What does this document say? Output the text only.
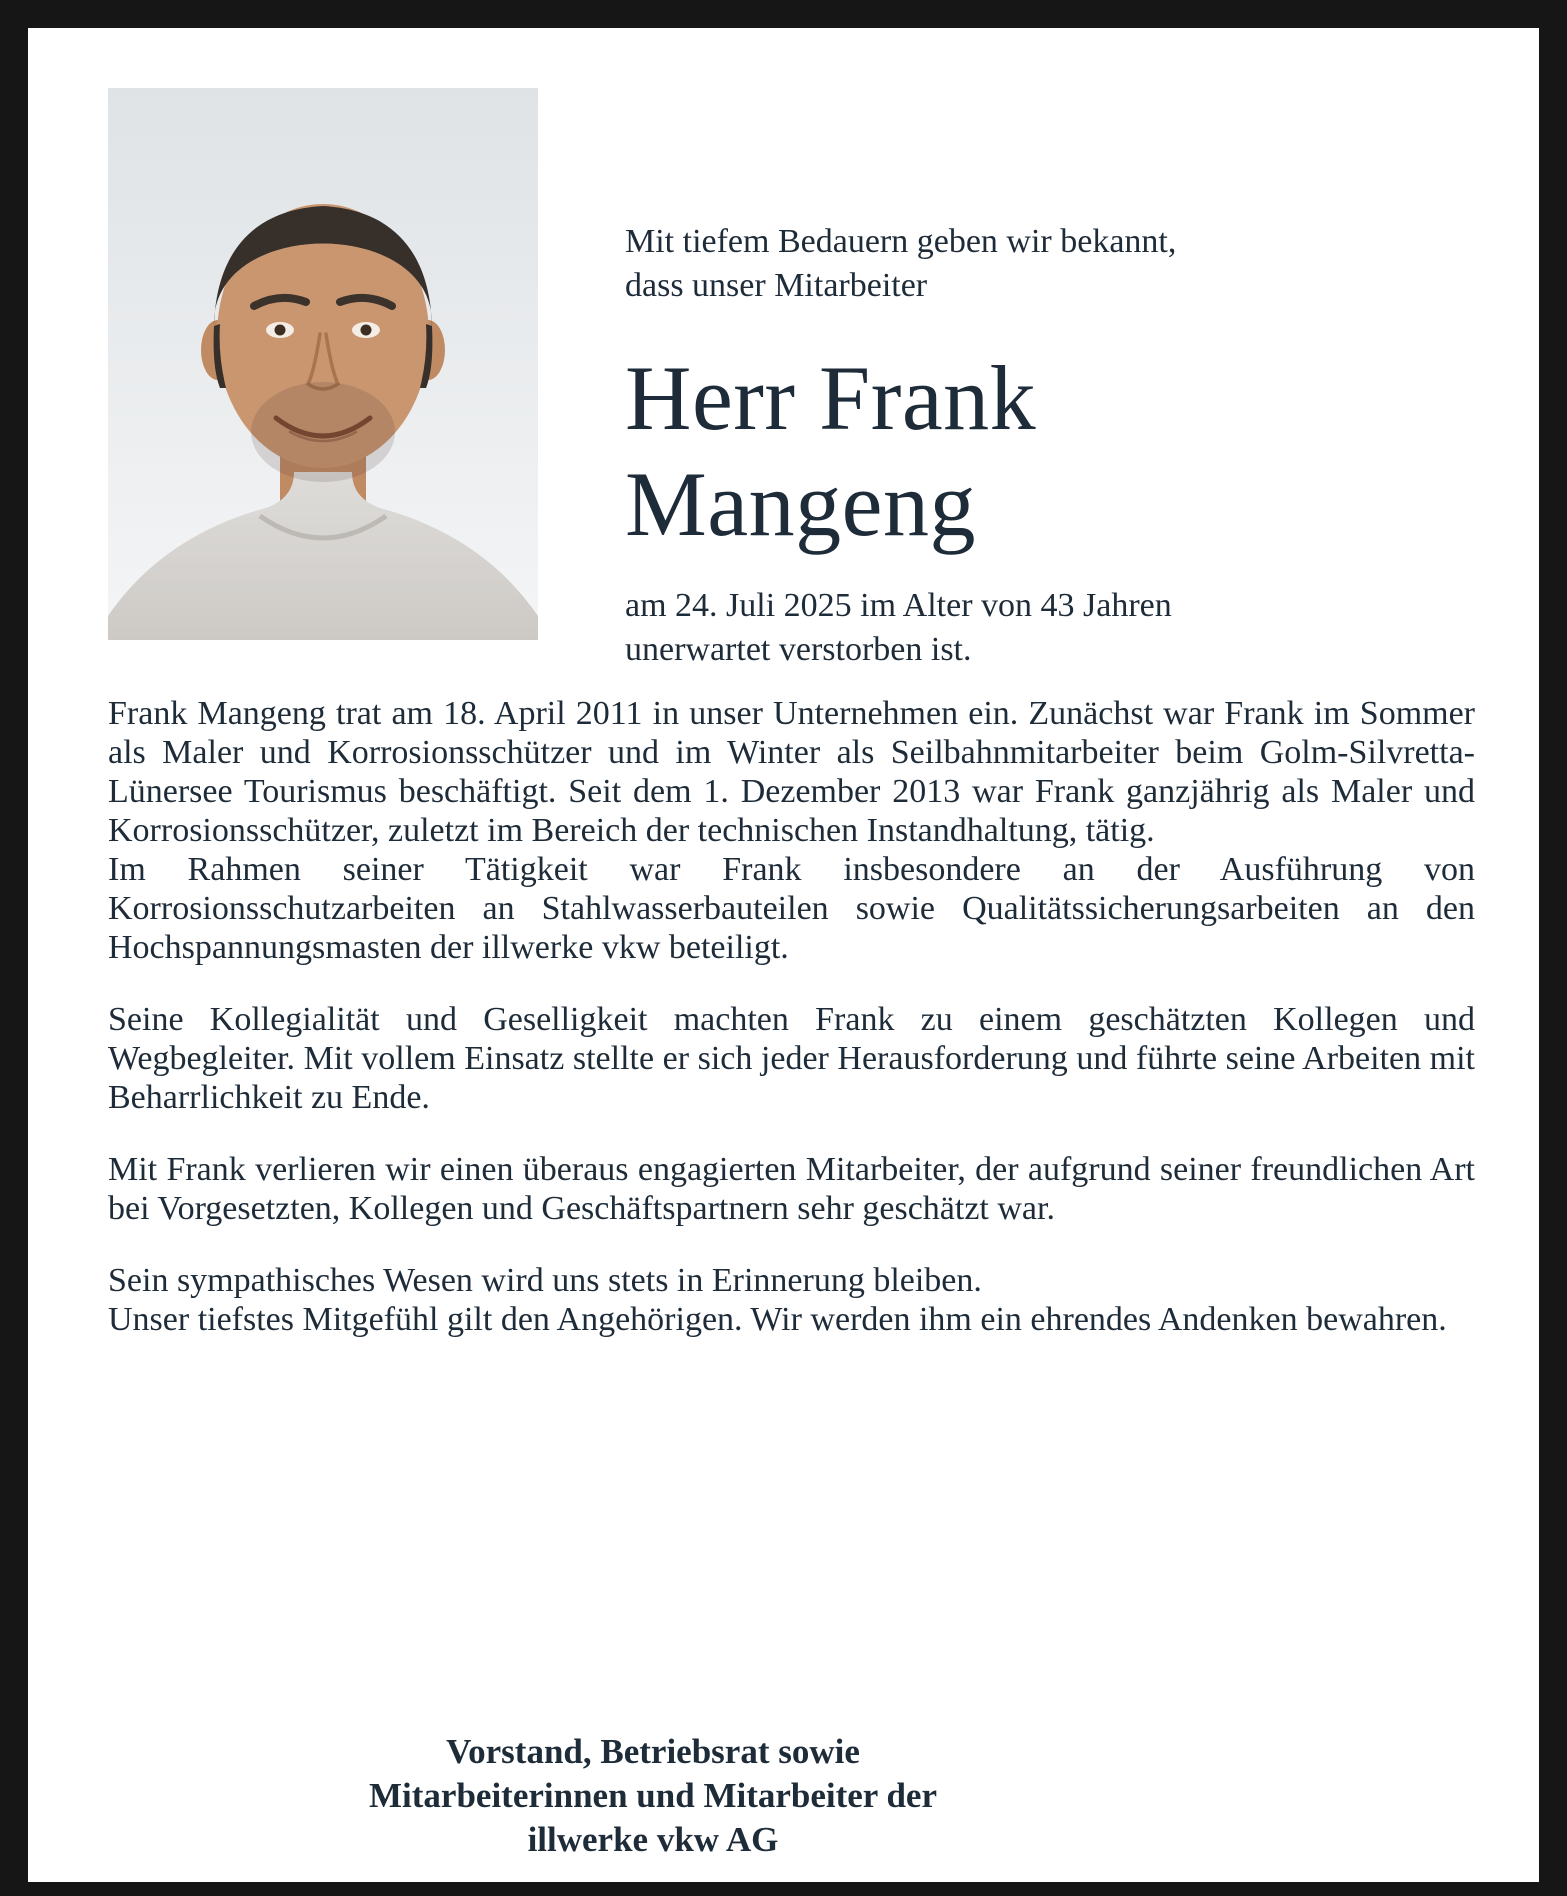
Mit tiefem Bedauern geben wir bekannt,
dass unser Mitarbeiter

Herr Frank
Mangeng

am 24. Juli 2025 im Alter von 43 Jahren
unerwartet verstorben ist.

Frank Mangeng trat am 18. April 2011 in unser Unternehmen ein. Zunächst war Frank im Sommer als Maler und Korrosionsschützer und im Winter als Seilbahnmitarbeiter beim Golm-Silvretta-Lünersee Tourismus beschäftigt. Seit dem 1. Dezember 2013 war Frank ganzjährig als Maler und Korrosionsschützer, zuletzt im Bereich der technischen Instandhaltung, tätig.

Im Rahmen seiner Tätigkeit war Frank insbesondere an der Ausführung von Korrosionsschutzarbeiten an Stahlwasserbauteilen sowie Qualitätssicherungsarbeiten an den Hochspannungsmasten der illwerke vkw beteiligt.

Seine Kollegialität und Geselligkeit machten Frank zu einem geschätzten Kollegen und Wegbegleiter. Mit vollem Einsatz stellte er sich jeder Herausforderung und führte seine Arbeiten mit Beharrlichkeit zu Ende.

Mit Frank verlieren wir einen überaus engagierten Mitarbeiter, der aufgrund seiner freundlichen Art bei Vorgesetzten, Kollegen und Geschäftspartnern sehr geschätzt war.

Sein sympathisches Wesen wird uns stets in Erinnerung bleiben.

Unser tiefstes Mitgefühl gilt den Angehörigen. Wir werden ihm ein ehrendes Andenken bewahren.

Vorstand, Betriebsrat sowie
Mitarbeiterinnen und Mitarbeiter der
illwerke vkw AG
